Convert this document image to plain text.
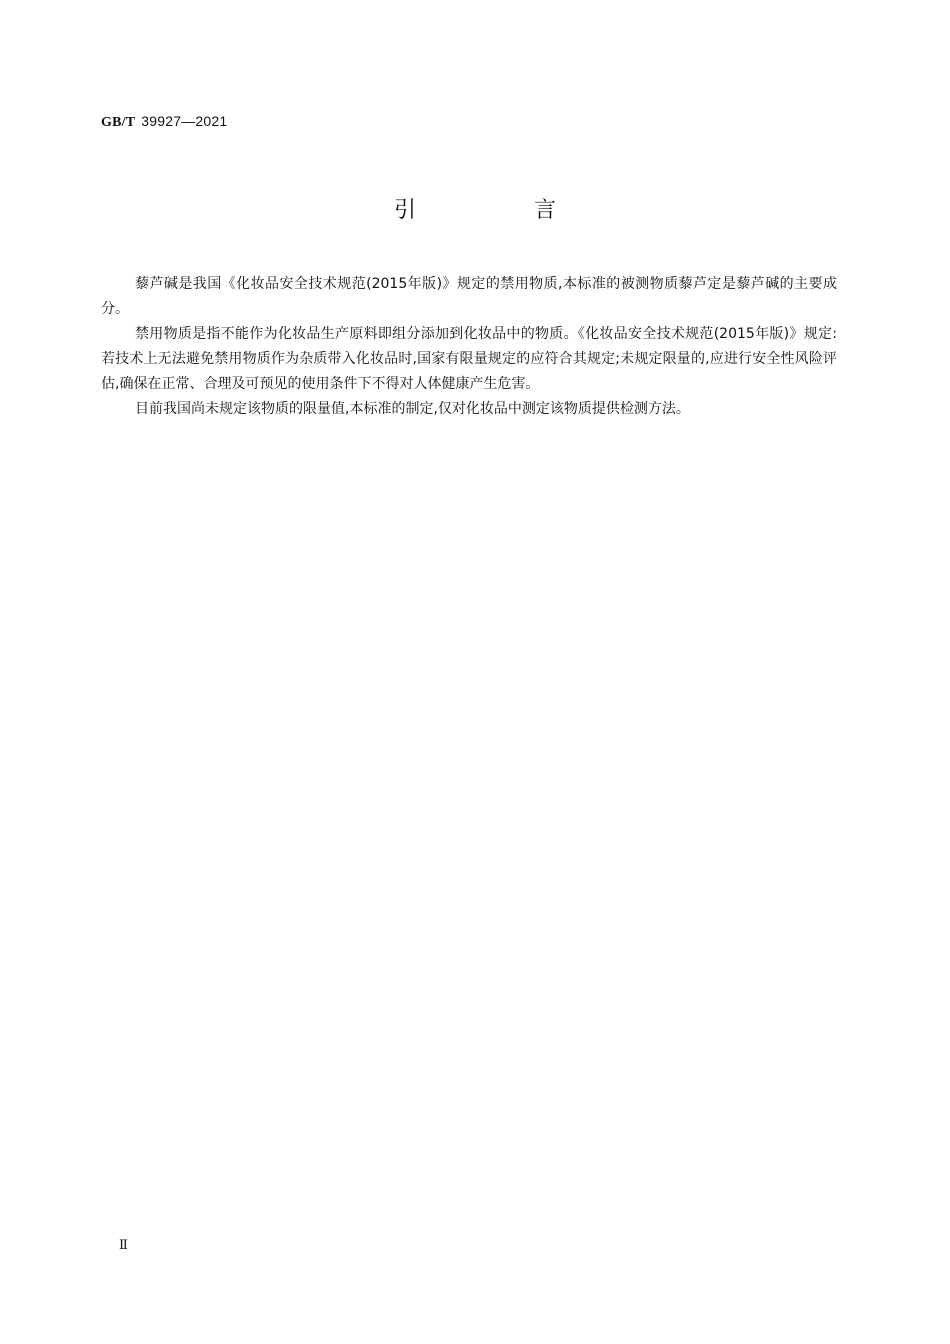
GB/T 39927—2021
引　言

藜芦碱是我国《化妆品安全技术规范(2015年版)》规定的禁用物质,本标准的被测物质藜芦定是藜芦碱的主要成分。

禁用物质是指不能作为化妆品生产原料即组分添加到化妆品中的物质。《化妆品安全技术规范(2015年版)》规定:若技术上无法避免禁用物质作为杂质带入化妆品时,国家有限量规定的应符合其规定;未规定限量的,应进行安全性风险评估,确保在正常、合理及可预见的使用条件下不得对人体健康产生危害。

目前我国尚未规定该物质的限量值,本标准的制定,仅对化妆品中测定该物质提供检测方法。

Ⅱ
